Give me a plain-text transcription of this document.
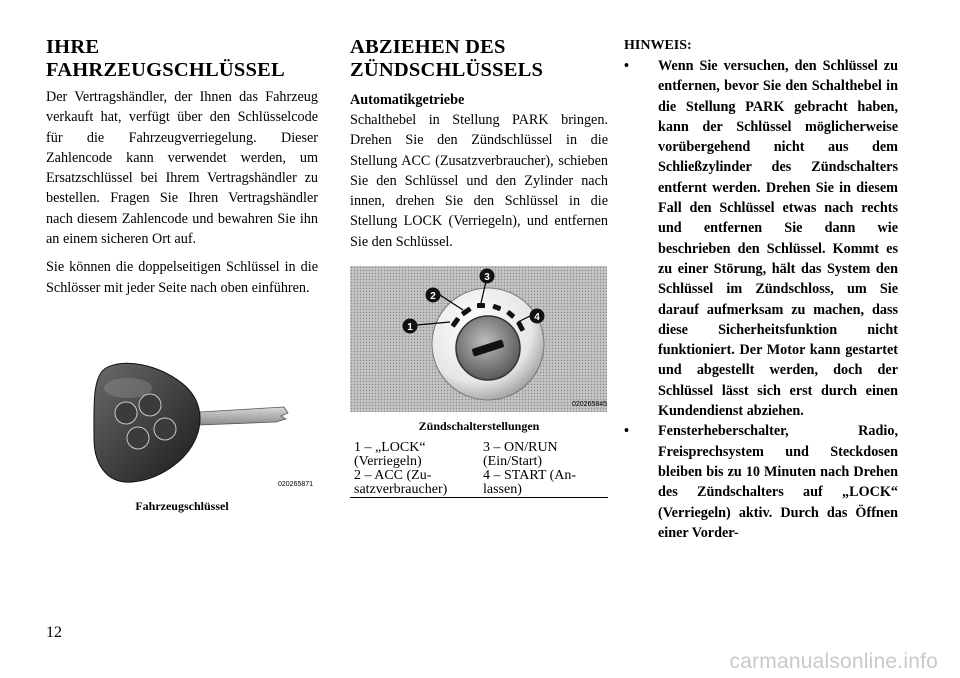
IHRE
FAHRZEUGSCHLÜSSEL

Der Vertragshändler, der Ihnen das Fahrzeug verkauft hat, verfügt über den Schlüsselcode für die Fahrzeugverriegelung. Dieser Zahlencode kann verwendet werden, um Ersatzschlüssel bei Ihrem Vertragshändler zu bestellen. Fragen Sie Ihren Vertragshändler nach diesem Zahlencode und bewahren Sie ihn an einem sicheren Ort auf.

Sie können die doppelseitigen Schlüssel in die Schlösser mit jeder Seite nach oben einführen.

020265871
Fahrzeugschlüssel
ABZIEHEN DES
ZÜNDSCHLÜSSELS
Automatikgetriebe

Schalthebel in Stellung PARK bringen. Drehen Sie den Zündschlüssel in die Stellung ACC (Zusatzverbraucher), schieben Sie den Schlüssel und den Zylinder nach innen, drehen Sie den Schlüssel in die Stellung LOCK (Verriegeln), und entfernen Sie den Schlüssel.

1
2
3
4
020265845
Zündschalterstellungen
1 – „LOCK“ (Verriegeln)	3 – ON/RUN (Ein/Start)
2 – ACC (Zusatzverbraucher)	4 – START (Anlassen)
HINWEIS:
• Wenn Sie versuchen, den Schlüssel zu entfernen, bevor Sie den Schalthebel in die Stellung PARK gebracht haben, kann der Schlüssel möglicherweise vorübergehend nicht aus dem Schließzylinder des Zündschalters entfernt werden. Drehen Sie in diesem Fall den Schlüssel etwas nach rechts und entfernen Sie dann wie beschrieben den Schlüssel. Kommt es zu einer Störung, hält das System den Schlüssel im Zündschloss, um Sie darauf aufmerksam zu machen, dass diese Sicherheitsfunktion nicht funktioniert. Der Motor kann gestartet und abgestellt werden, doch der Schlüssel lässt sich erst durch einen Kundendienst abziehen.
• Fensterheberschalter, Radio, Freisprechsystem und Steckdosen bleiben bis zu 10 Minuten nach Drehen des Zündschalters auf „LOCK“ (Verriegeln) aktiv. Durch das Öffnen einer Vorder-
12
carmanualsonline.info
